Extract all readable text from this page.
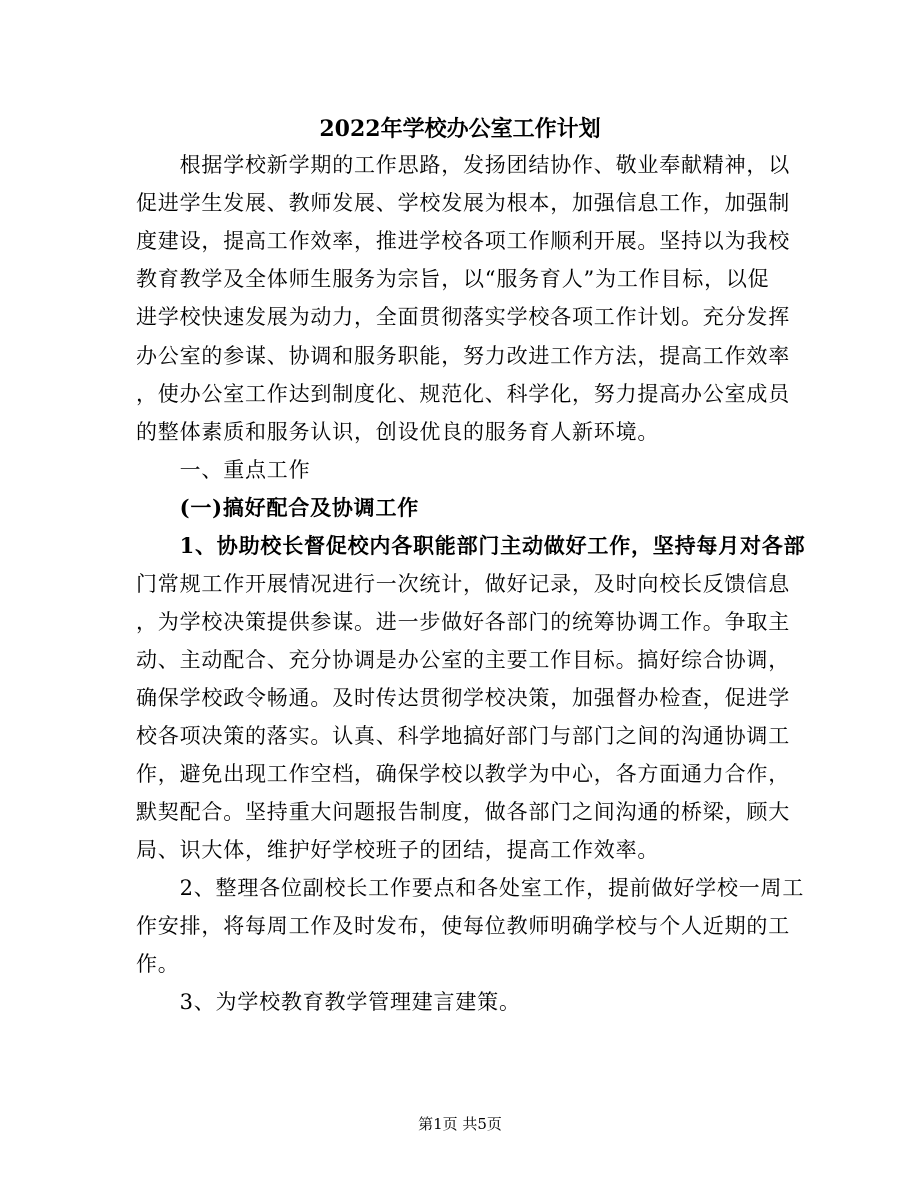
2022年学校办公室工作计划
　　根据学校新学期的工作思路，发扬团结协作、敬业奉献精神，以
促进学生发展、教师发展、学校发展为根本，加强信息工作，加强制
度建设，提高工作效率，推进学校各项工作顺利开展。坚持以为我校
教育教学及全体师生服务为宗旨，以“服务育人”为工作目标，以促
进学校快速发展为动力，全面贯彻落实学校各项工作计划。充分发挥
办公室的参谋、协调和服务职能，努力改进工作方法，提高工作效率
，使办公室工作达到制度化、规范化、科学化，努力提高办公室成员
的整体素质和服务认识，创设优良的服务育人新环境。
　　一、重点工作
　　(一)搞好配合及协调工作
　　1、协助校长督促校内各职能部门主动做好工作，坚持每月对各部
门常规工作开展情况进行一次统计，做好记录，及时向校长反馈信息
，为学校决策提供参谋。进一步做好各部门的统筹协调工作。争取主
动、主动配合、充分协调是办公室的主要工作目标。搞好综合协调，
确保学校政令畅通。及时传达贯彻学校决策，加强督办检查，促进学
校各项决策的落实。认真、科学地搞好部门与部门之间的沟通协调工
作，避免出现工作空档，确保学校以教学为中心，各方面通力合作，
默契配合。坚持重大问题报告制度，做各部门之间沟通的桥梁，顾大
局、识大体，维护好学校班子的团结，提高工作效率。
　　2、整理各位副校长工作要点和各处室工作，提前做好学校一周工
作安排，将每周工作及时发布，使每位教师明确学校与个人近期的工
作。
　　3、为学校教育教学管理建言建策。
第1页 共5页
